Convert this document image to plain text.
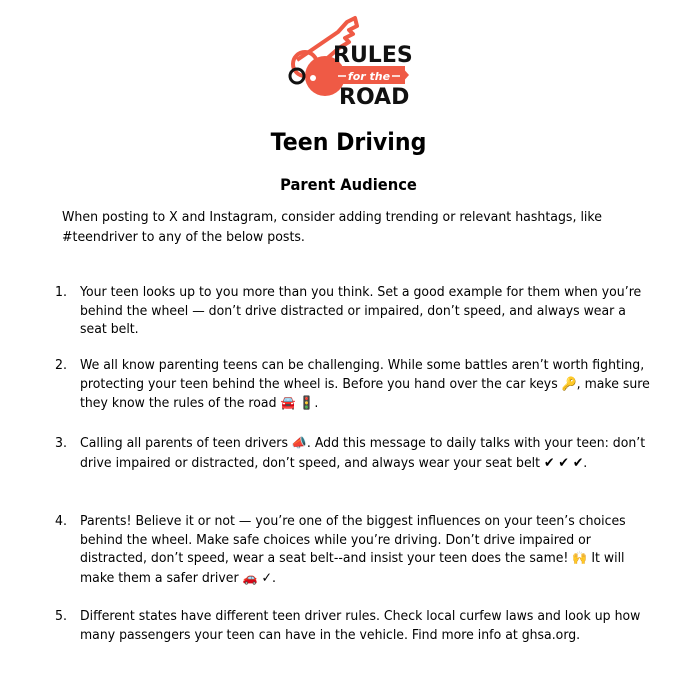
RULES
for the
ROAD
Teen Driving
Parent Audience
When posting to X and Instagram, consider adding trending or relevant hashtags, like
#teendriver to any of the below posts.
1. Your teen looks up to you more than you think. Set a good example for them when you’re behind the wheel — don’t drive distracted or impaired, don’t speed, and always wear a seat belt.
2. We all know parenting teens can be challenging. While some battles aren’t worth fighting, protecting your teen behind the wheel is. Before you hand over the car keys 🔑, make sure they know the rules of the road 🚘 🚦.
3. Calling all parents of teen drivers 📣. Add this message to daily talks with your teen: don’t drive impaired or distracted, don’t speed, and always wear your seat belt ✔ ✔ ✔.
4. Parents! Believe it or not — you’re one of the biggest influences on your teen’s choices behind the wheel. Make safe choices while you’re driving. Don’t drive impaired or distracted, don’t speed, wear a seat belt--and insist your teen does the same! 🙌 It will make them a safer driver 🚗 ✓.
5. Different states have different teen driver rules. Check local curfew laws and look up how many passengers your teen can have in the vehicle. Find more info at ghsa.org.
